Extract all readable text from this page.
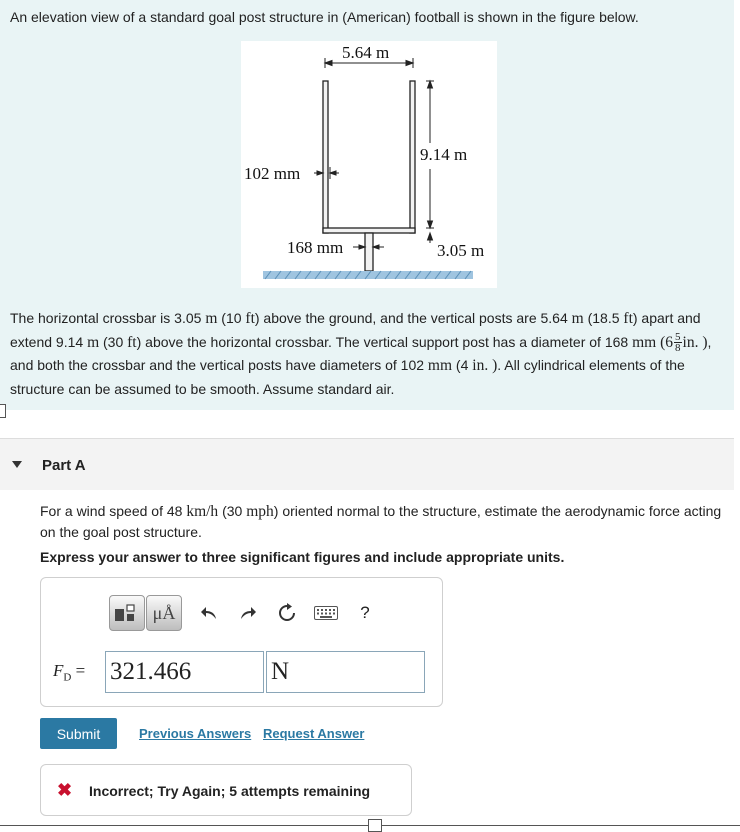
An elevation view of a standard goal post structure in (American) football is shown in the figure below.
5.64 m
9.14 m
102 mm
168 mm	3.05 m
The horizontal crossbar is 3.05 m (10 ft) above the ground, and the vertical posts are 5.64 m (18.5 ft) apart and extend 9.14 m (30 ft) above the horizontal crossbar. The vertical support post has a diameter of 168 mm ($6 \frac{5}{8}$ in. ), and both the crossbar and the vertical posts have diameters of 102 mm (4 in. ). All cylindrical elements of the structure can be assumed to be smooth. Assume standard air.
Part A
For a wind speed of 48 km/h (30 mph) oriented normal to the structure, estimate the aerodynamic force acting on the goal post structure.
Express your answer to three significant figures and include appropriate units.
μÅ	?
$F_D = 321.466$	N
Submit	Previous Answers Request Answer
✖ Incorrect; Try Again; 5 attempts remaining
